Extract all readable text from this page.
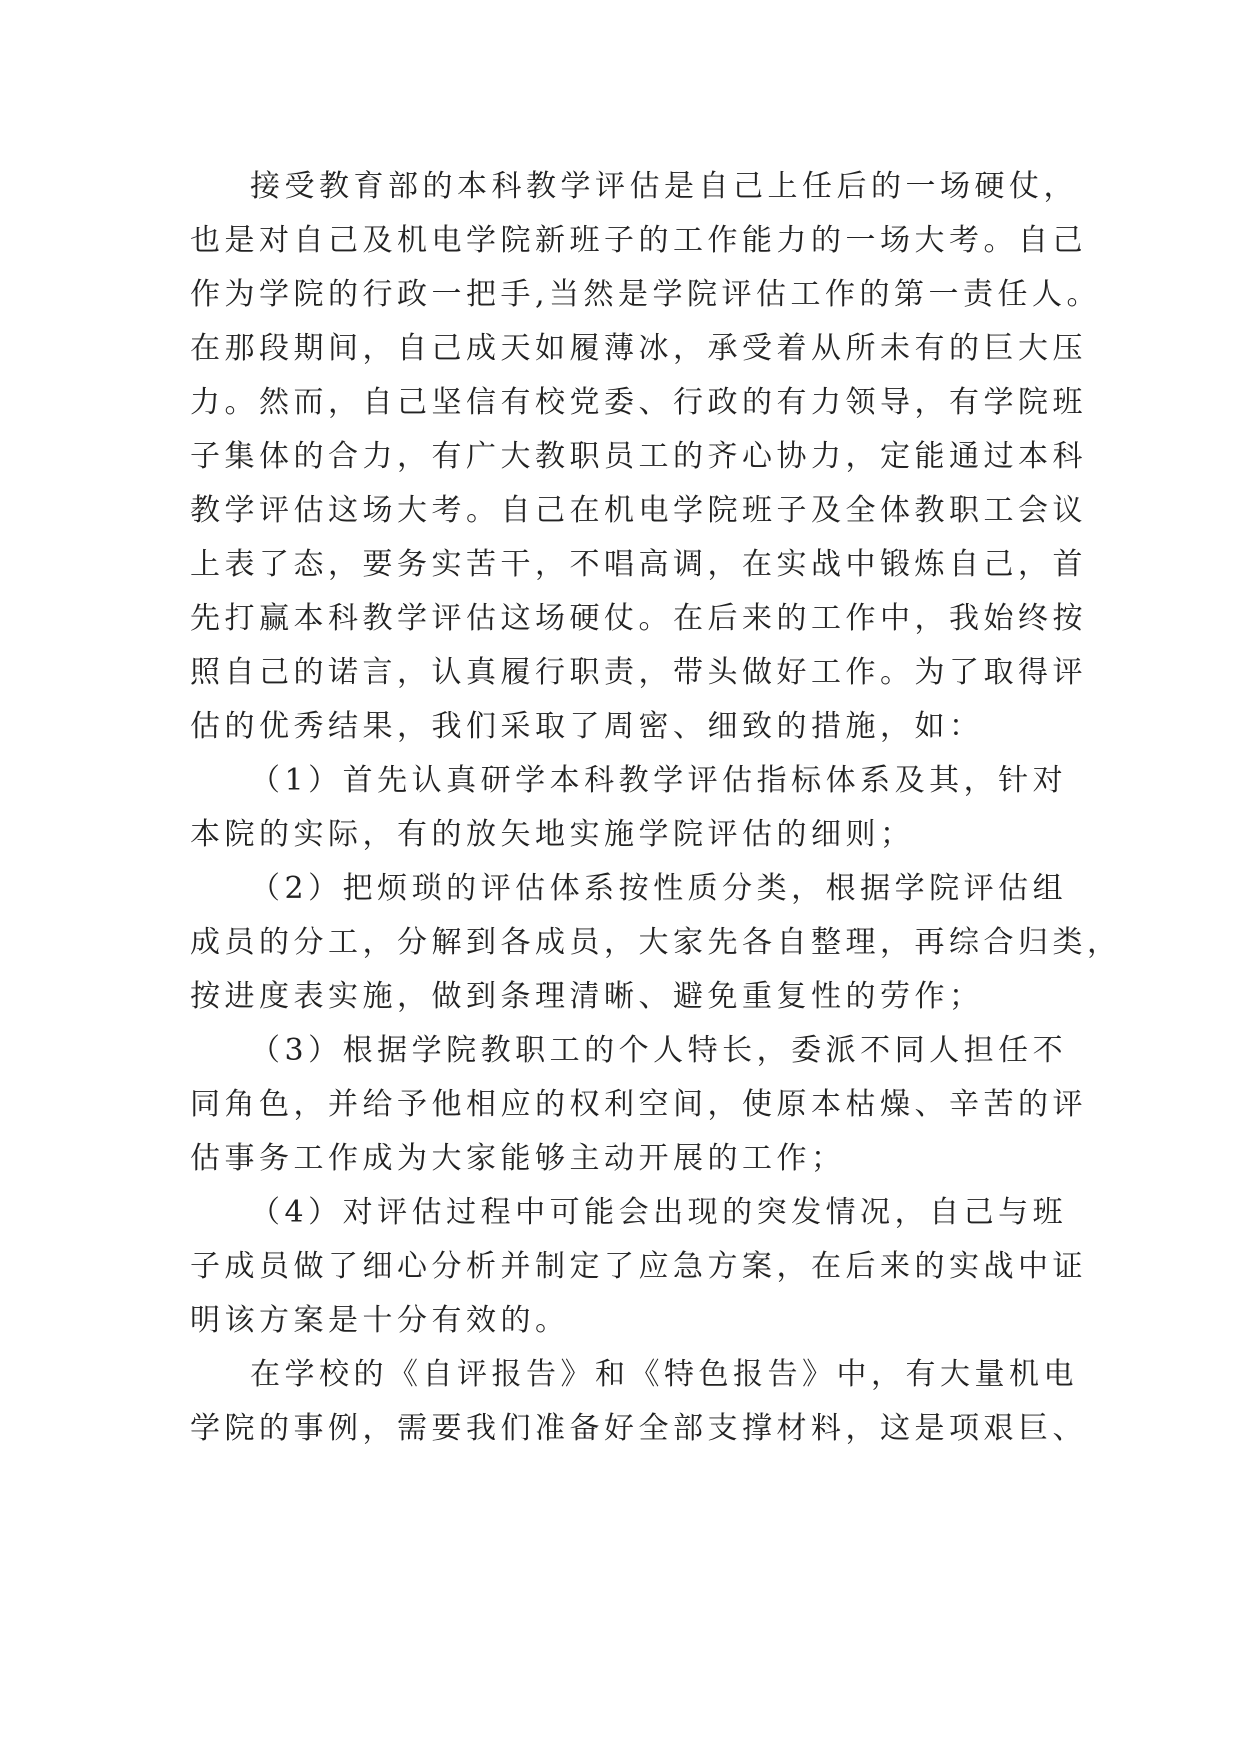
接受教育部的本科教学评估是自己上任后的一场硬仗，
也是对自己及机电学院新班子的工作能力的一场大考。自己
作为学院的行政一把手,当然是学院评估工作的第一责任人。
在那段期间，自己成天如履薄冰，承受着从所未有的巨大压
力。然而，自己坚信有校党委、行政的有力领导，有学院班
子集体的合力，有广大教职员工的齐心协力，定能通过本科
教学评估这场大考。自己在机电学院班子及全体教职工会议
上表了态，要务实苦干，不唱高调，在实战中锻炼自己，首
先打赢本科教学评估这场硬仗。在后来的工作中，我始终按
照自己的诺言，认真履行职责，带头做好工作。为了取得评
估的优秀结果，我们采取了周密、细致的措施，如：
（1）首先认真研学本科教学评估指标体系及其，针对
本院的实际，有的放矢地实施学院评估的细则；
（2）把烦琐的评估体系按性质分类，根据学院评估组
成员的分工，分解到各成员，大家先各自整理，再综合归类，
按进度表实施，做到条理清晰、避免重复性的劳作；
（3）根据学院教职工的个人特长，委派不同人担任不
同角色，并给予他相应的权利空间，使原本枯燥、辛苦的评
估事务工作成为大家能够主动开展的工作；
（4）对评估过程中可能会出现的突发情况，自己与班
子成员做了细心分析并制定了应急方案，在后来的实战中证
明该方案是十分有效的。
在学校的《自评报告》和《特色报告》中，有大量机电
学院的事例，需要我们准备好全部支撑材料，这是项艰巨、
